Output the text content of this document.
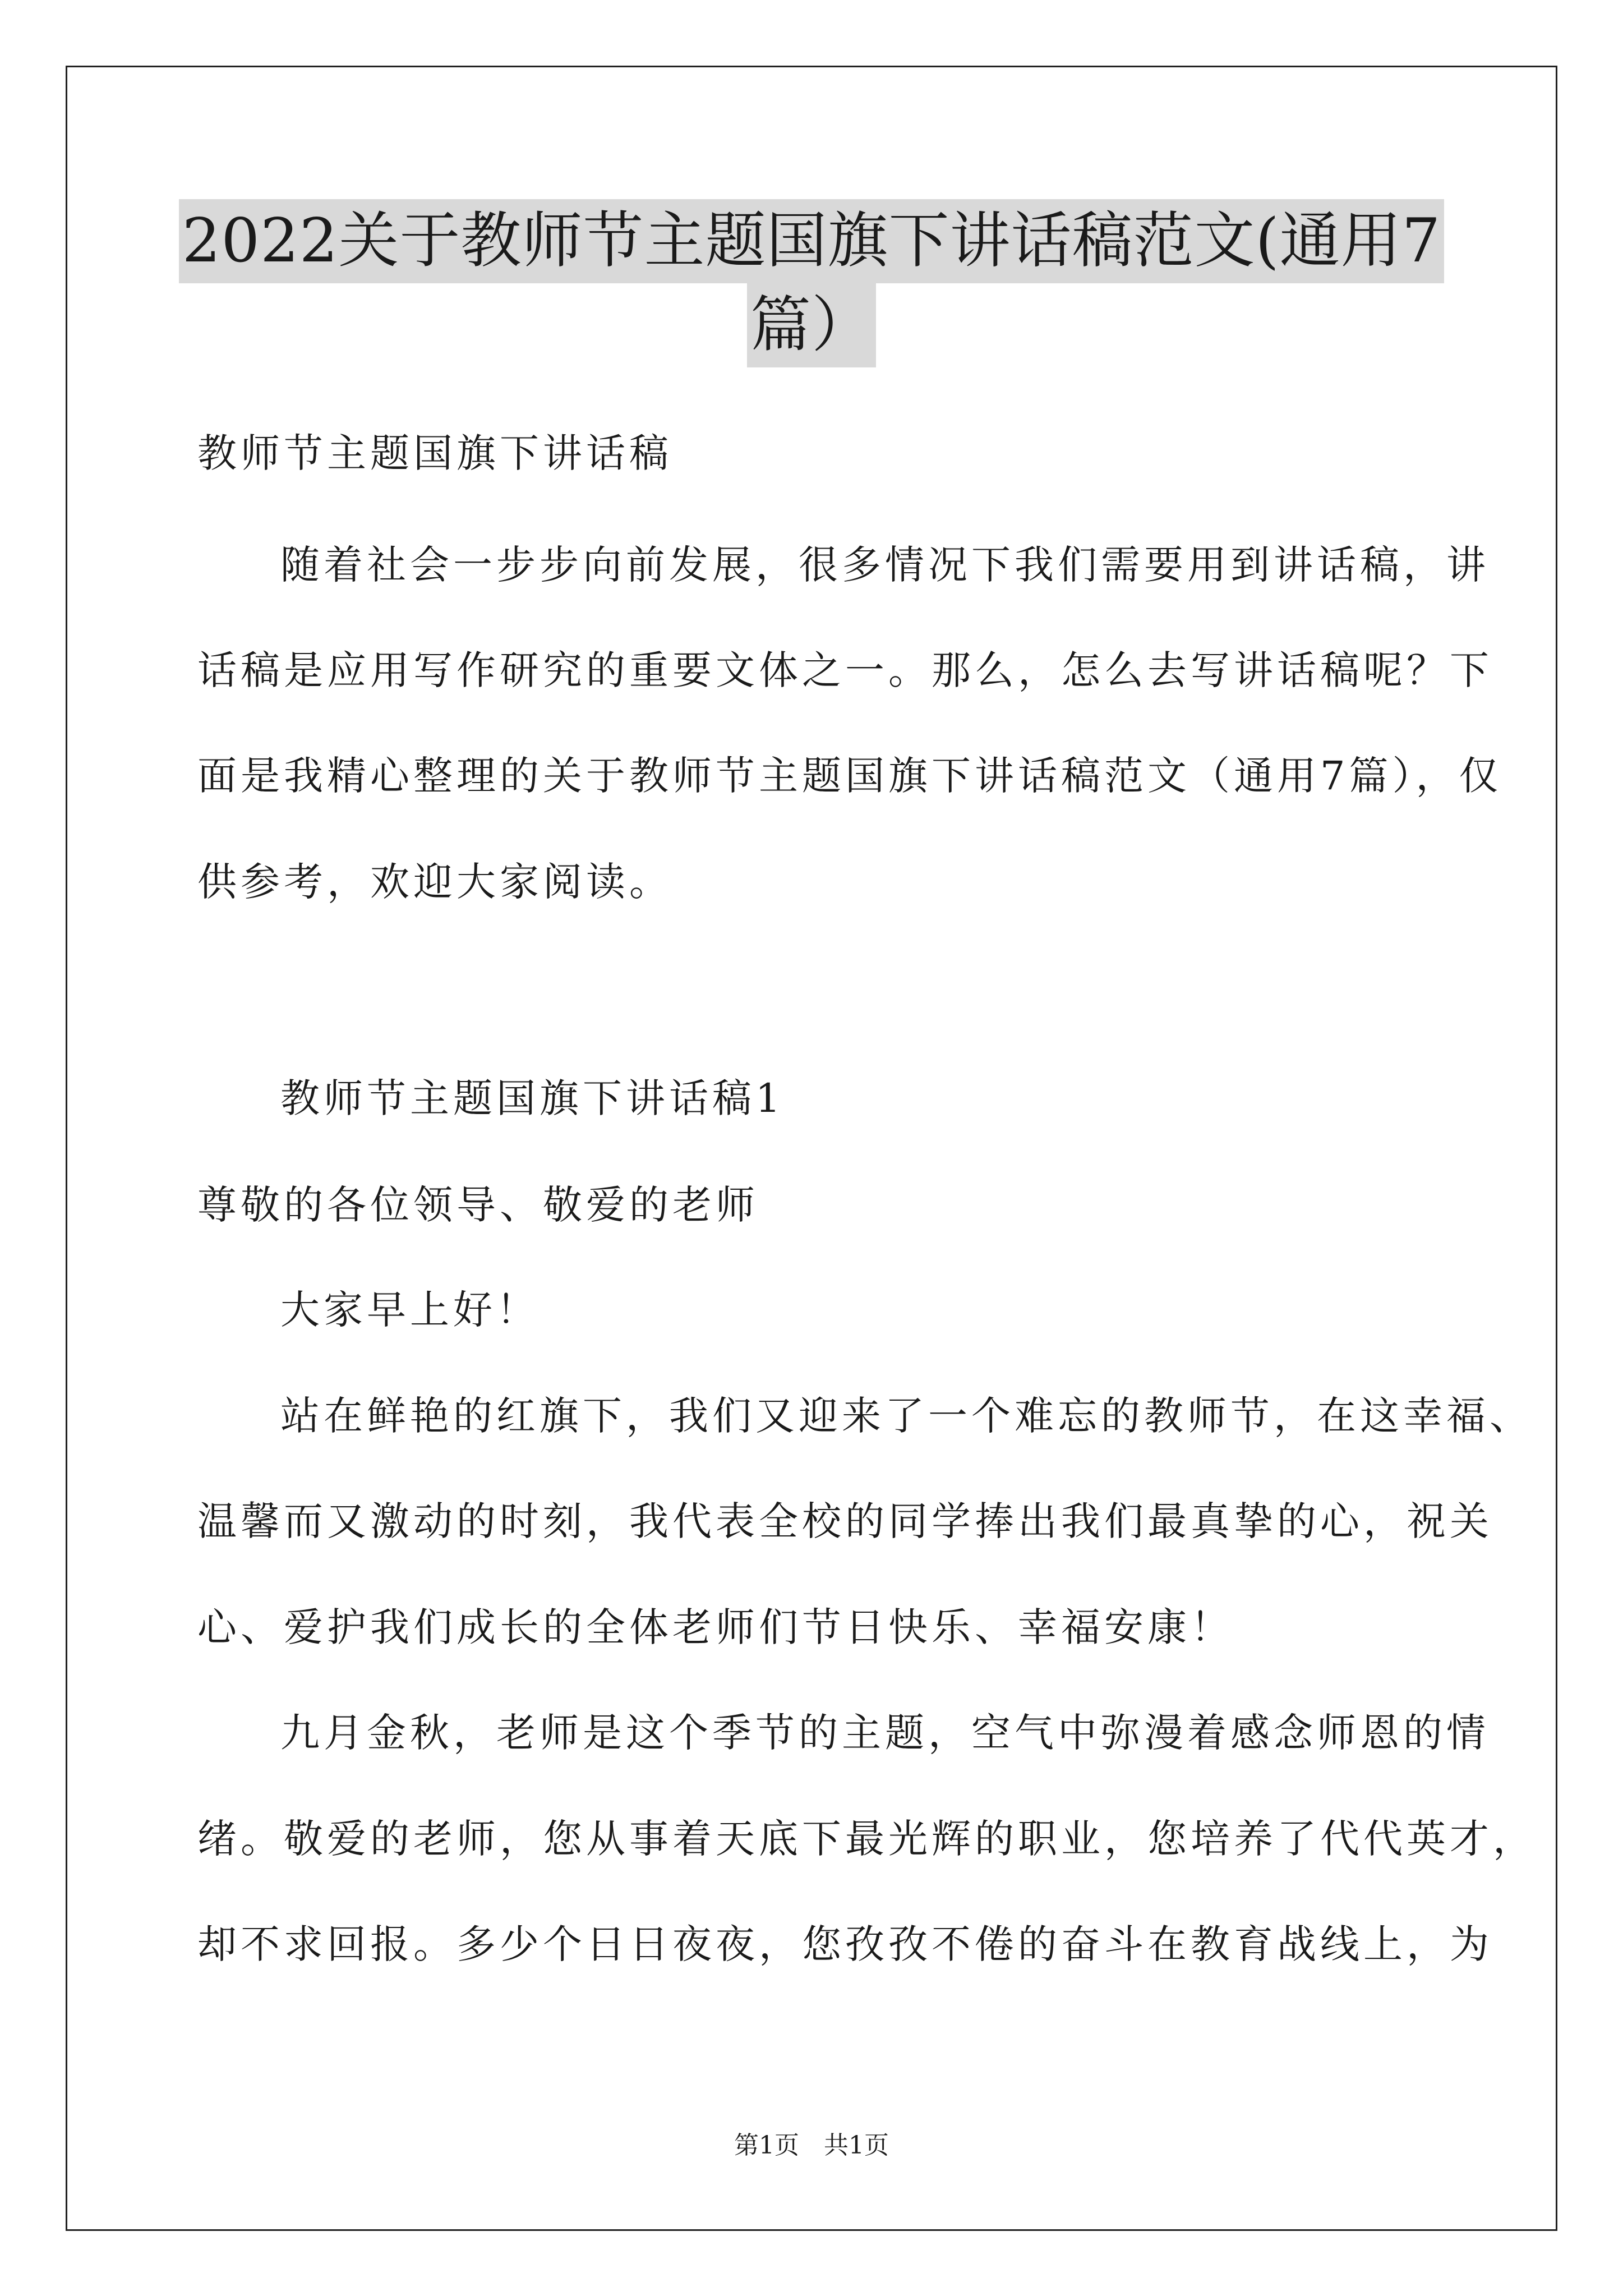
2022关于教师节主题国旗下讲话稿范文(通用7
篇）
教师节主题国旗下讲话稿
随着社会一步步向前发展，很多情况下我们需要用到讲话稿，讲
话稿是应用写作研究的重要文体之一。那么，怎么去写讲话稿呢？下
面是我精心整理的关于教师节主题国旗下讲话稿范文（通用7篇），仅
供参考，欢迎大家阅读。
教师节主题国旗下讲话稿1
尊敬的各位领导、敬爱的老师
大家早上好！
站在鲜艳的红旗下，我们又迎来了一个难忘的教师节，在这幸福、
温馨而又激动的时刻，我代表全校的同学捧出我们最真挚的心，祝关
心、爱护我们成长的全体老师们节日快乐、幸福安康！
九月金秋，老师是这个季节的主题，空气中弥漫着感念师恩的情
绪。敬爱的老师，您从事着天底下最光辉的职业，您培养了代代英才，
却不求回报。多少个日日夜夜，您孜孜不倦的奋斗在教育战线上，为
第1页　共1页
